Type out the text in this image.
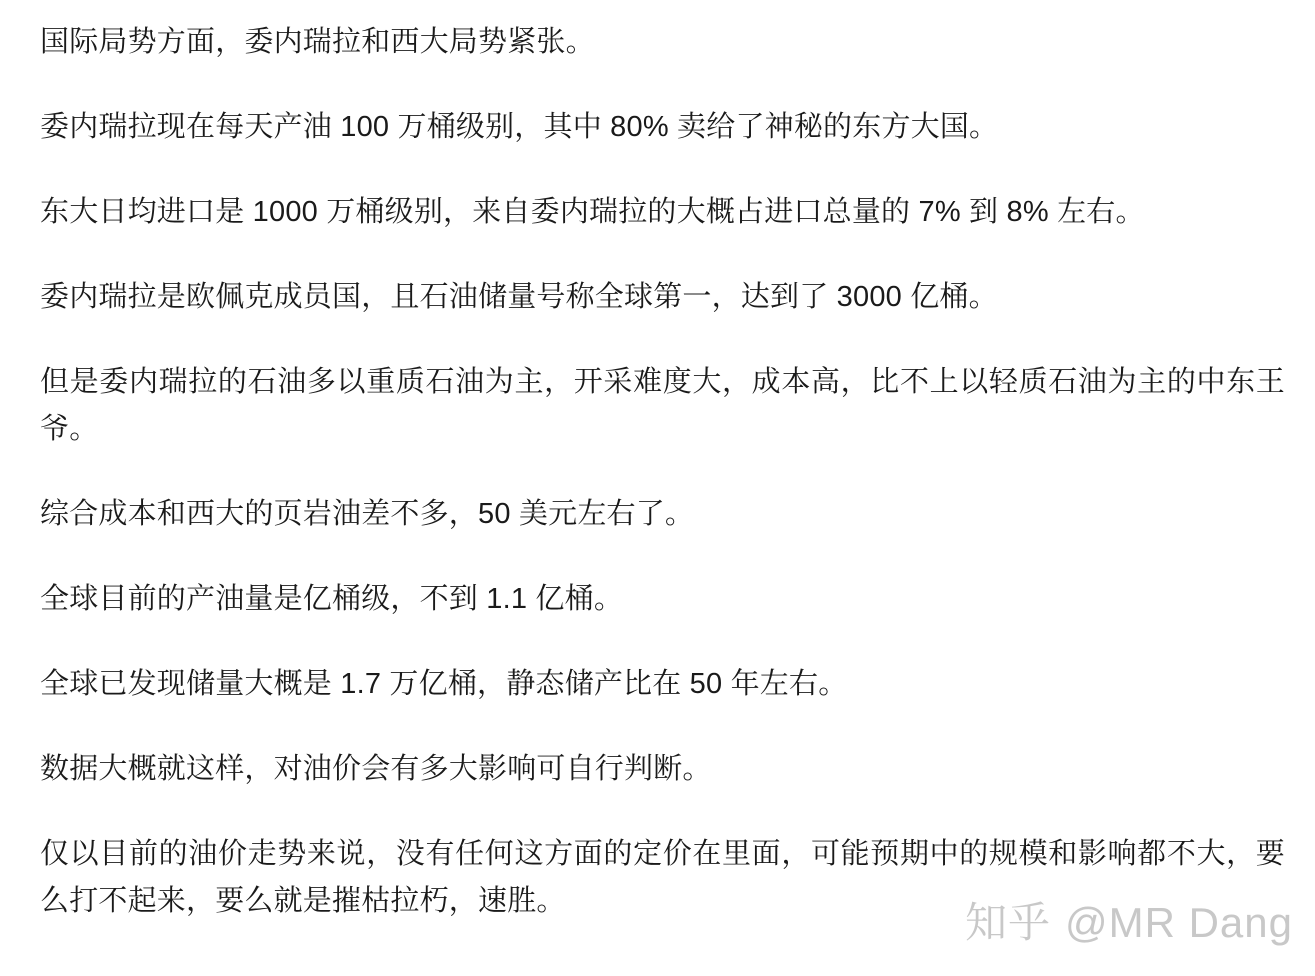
国际局势方面，委内瑞拉和西大局势紧张。

委内瑞拉现在每天产油 100 万桶级别，其中 80% 卖给了神秘的东方大国。

东大日均进口是 1000 万桶级别，来自委内瑞拉的大概占进口总量的 7% 到 8% 左右。

委内瑞拉是欧佩克成员国，且石油储量号称全球第一，达到了 3000 亿桶。

但是委内瑞拉的石油多以重质石油为主，开采难度大，成本高，比不上以轻质石油为主的中东王爷。

综合成本和西大的页岩油差不多，50 美元左右了。

全球目前的产油量是亿桶级，不到 1.1 亿桶。

全球已发现储量大概是 1.7 万亿桶，静态储产比在 50 年左右。

数据大概就这样，对油价会有多大影响可自行判断。

仅以目前的油价走势来说，没有任何这方面的定价在里面，可能预期中的规模和影响都不大，要么打不起来，要么就是摧枯拉朽，速胜。	知乎 @MR Dang
